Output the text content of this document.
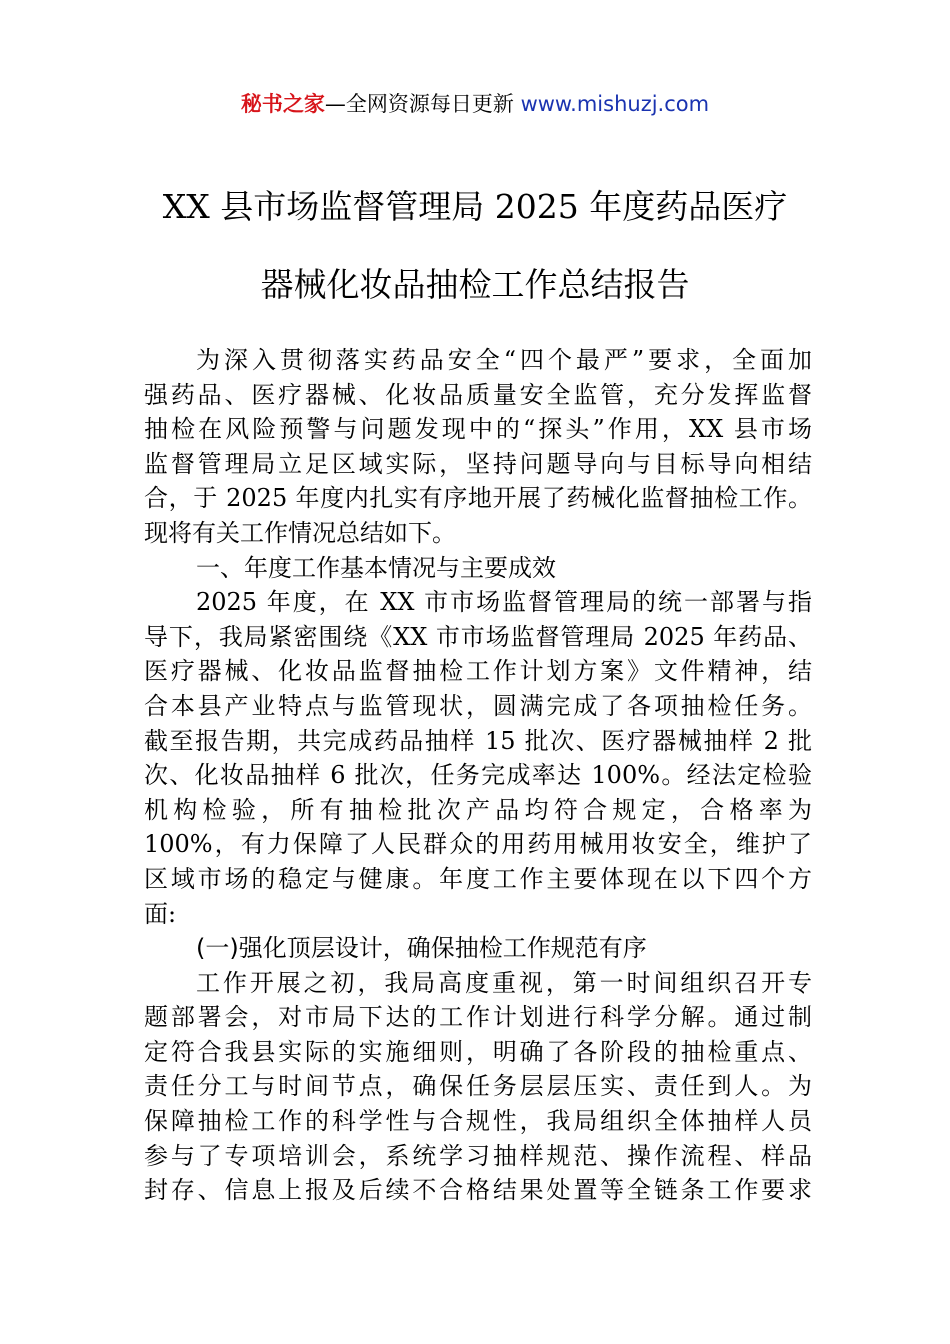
秘书之家—全网资源每日更新 www.mishuzj.com
XX 县市场监督管理局 2025 年度药品医疗
器械化妆品抽检工作总结报告
为深入贯彻落实药品安全“四个最严”要求，全面加
强药品、医疗器械、化妆品质量安全监管，充分发挥监督
抽检在风险预警与问题发现中的“探头”作用，XX 县市场
监督管理局立足区域实际，坚持问题导向与目标导向相结
合，于 2025 年度内扎实有序地开展了药械化监督抽检工作。
现将有关工作情况总结如下。
一、年度工作基本情况与主要成效
2025 年度，在 XX 市市场监督管理局的统一部署与指
导下，我局紧密围绕《XX 市市场监督管理局 2025 年药品、
医疗器械、化妆品监督抽检工作计划方案》文件精神，结
合本县产业特点与监管现状，圆满完成了各项抽检任务。
截至报告期，共完成药品抽样 15 批次、医疗器械抽样 2 批
次、化妆品抽样 6 批次，任务完成率达 100%。经法定检验
机构检验，所有抽检批次产品均符合规定，合格率为
100%，有力保障了人民群众的用药用械用妆安全，维护了
区域市场的稳定与健康。年度工作主要体现在以下四个方
面:
(一)强化顶层设计，确保抽检工作规范有序
工作开展之初，我局高度重视，第一时间组织召开专
题部署会，对市局下达的工作计划进行科学分解。通过制
定符合我县实际的实施细则，明确了各阶段的抽检重点、
责任分工与时间节点，确保任务层层压实、责任到人。为
保障抽检工作的科学性与合规性，我局组织全体抽样人员
参与了专项培训会，系统学习抽样规范、操作流程、样品
封存、信息上报及后续不合格结果处置等全链条工作要求
